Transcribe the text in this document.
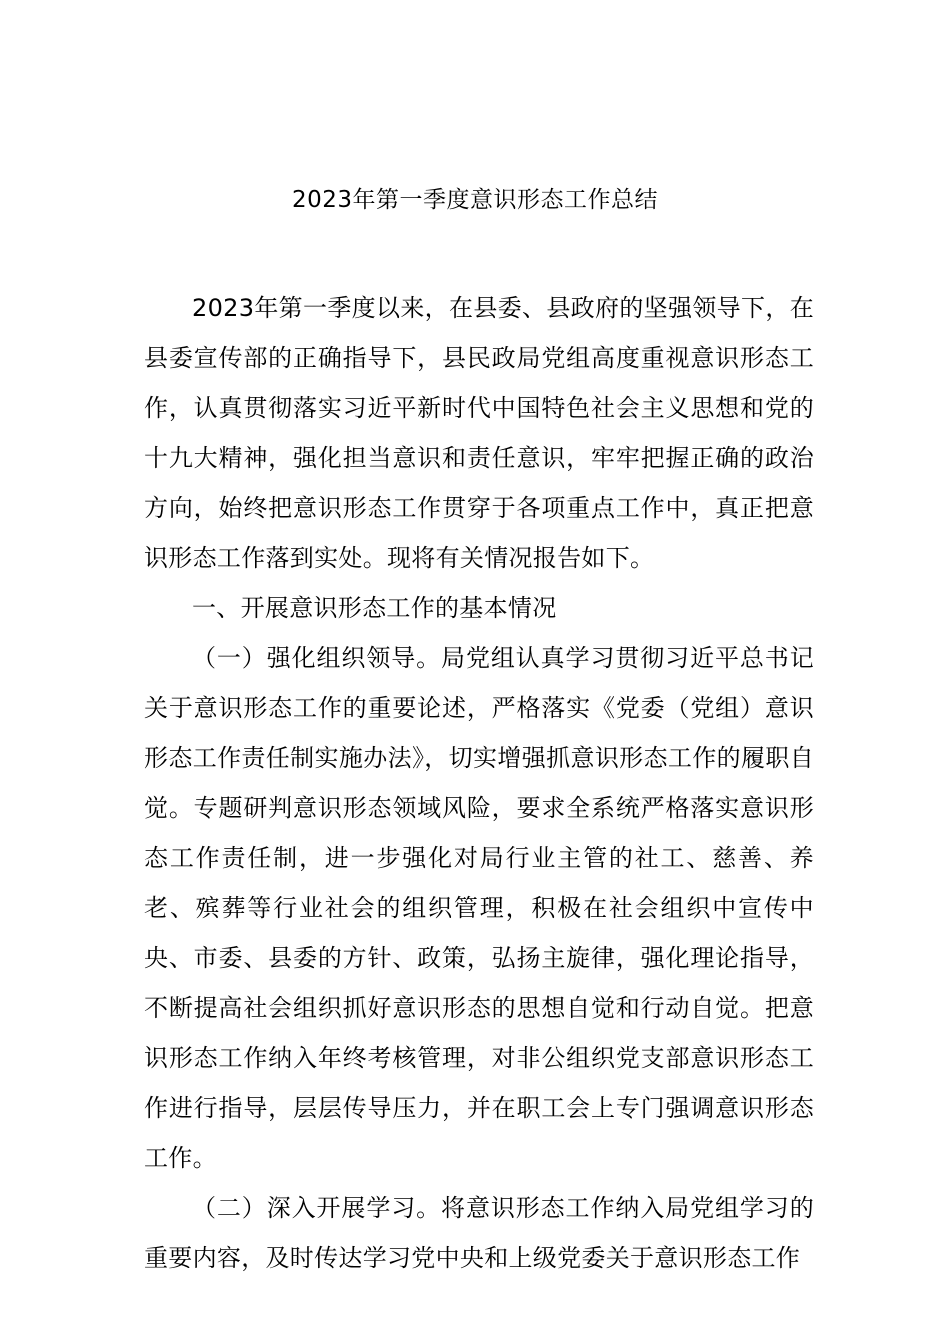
2023年第一季度意识形态工作总结

2023年第一季度以来，在县委、县政府的坚强领导下，在县委宣传部的正确指导下，县民政局党组高度重视意识形态工作，认真贯彻落实习近平新时代中国特色社会主义思想和党的十九大精神，强化担当意识和责任意识，牢牢把握正确的政治方向，始终把意识形态工作贯穿于各项重点工作中，真正把意识形态工作落到实处。现将有关情况报告如下。

一、开展意识形态工作的基本情况

（一）强化组织领导。局党组认真学习贯彻习近平总书记关于意识形态工作的重要论述，严格落实《党委（党组）意识形态工作责任制实施办法》，切实增强抓意识形态工作的履职自觉。专题研判意识形态领域风险，要求全系统严格落实意识形态工作责任制，进一步强化对局行业主管的社工、慈善、养老、殡葬等行业社会的组织管理，积极在社会组织中宣传中央、市委、县委的方针、政策，弘扬主旋律，强化理论指导，不断提高社会组织抓好意识形态的思想自觉和行动自觉。把意识形态工作纳入年终考核管理，对非公组织党支部意识形态工作进行指导，层层传导压力，并在职工会上专门强调意识形态工作。

（二）深入开展学习。将意识形态工作纳入局党组学习的重要内容，及时传达学习党中央和上级党委关于意识形态工作
